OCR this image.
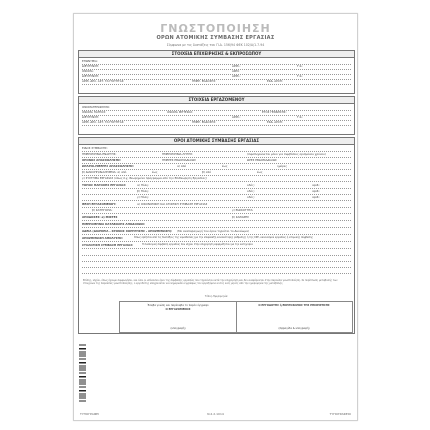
ΓΝΩΣΤΟΠΟΙΗΣΗ
ΟΡΩΝ ΑΤΟΜΙΚΗΣ ΣΥΜΒΑΣΗΣ ΕΡΓΑΣΙΑΣ
Σύμφωνα με τις διατάξεις του Π.Δ. 156/94 ΦΕΚ 102/Α/1.7.94
ΣΤΟΙΧΕΙΑ ΕΠΙΧΕΙΡΗΣΗΣ & ΕΚΠΡΟΣΩΠΟΥ
ΕΠΩΝΥΜΙΑ:
ΔΙΕΥΘΥΝΣΗ:	ΑΡΙΘ.:	Τ.Κ.:
ΟΝΟΜΑ:	ΑΦΜ:
ΔΙΕΥΘΥΝΣΗ:	ΑΡΙΘ.:	Τ.Κ.:
ΑΡΙΘ. ΔΕΛ. ΑΣΤ. ΤΑΥΤΟΤΗΤΑΣ:	ΗΜΕΡ. ΕΚΔΟΣΗΣ:	ΕΚΔ. ΑΡΧΗ:
ΣΤΟΙΧΕΙΑ ΕΡΓΑΖΟΜΕΝΟΥ
ΟΝΟΜΑΤΕΠΩΝΥΜΟ:
ΟΝΟΜΑ ΠΑΤΡΟΣ:	ΟΝΟΜΑ ΜΗΤΕΡΑΣ:	ΕΤΟΣ ΓΕΝΝΗΣΗΣ:
ΔΙΕΥΘΥΝΣΗ:	ΑΡΙΘ.:	Τ.Κ.:
ΑΡΙΘ. ΔΕΛ. ΑΣΤ. ΤΑΥΤΟΤΗΤΑΣ:	ΗΜΕΡ. ΕΚΔΟΣΗΣ:	ΕΚΔ. ΑΡΧΗ:
ΟΡΟΙ ΑΤΟΜΙΚΗΣ ΣΥΜΒΑΣΗΣ ΕΡΓΑΣΙΑΣ
ΕΙΔΟΣ ΣΥΜΒΑΣΗΣ:
ΗΜΕΡΟΜΗΝΙΑ ΕΝΑΡΞΗΣ:	ΗΜΕΡΟΜΗΝΙΑ ΛΗΞΗΣ:	(συμπληρώνεται μόνο για συμβάσεις ορισμένου χρόνου)
ΧΡΟΝΟΣ ΑΠΑΣΧΟΛΗΣΗΣ:	ΗΜΕΡΕΣ ΕΒΔΟΜΑΔΙΑΙΩΣ	ΩΡΕΣ ΕΒΔΟΜΑΔΙΑΙΩΣ
ΩΡΑΡΙΟ-ΗΜΕΡΕΣ ΑΠΑΣΧΟΛΗΣΗΣ:	α) Από	έως	ημέρες
β) ΔΙΑΚΟΠΗ/ΔΙΑΛΕΙΜΜΑ: α) από	έως	β) από	έως
γ) ΣΥΣΤΗΜΑ ΕΡΓΑΣΙΑΣ (όπως π.χ. θεωρημένο πρόγραμμα από την Επιθεώρηση Εργασίας)
ΤΟΠΟΣ ΠΑΡΟΧΗΣ ΕΡΓΑΣΙΑΣ:	α) Πόλη:	οδός:	αριθ.:
β) Πόλη:	οδός:	αριθ.:
γ) Πόλη:	οδός:	αριθ.:
ΘΕΣΗ ΕΡΓΑΖΟΜΕΝΟΥ:	α) ΟΙΚΟΝΟΜΙΚΗ ΚΑΙ ΑΤΟΜΙΚΗ ΣΥΜΒΑΣΗ ΕΡΓΑΣΙΑΣ
β) ΚΑΤΗΓΟΡΙΑ:	γ) ΕΙΔΙΚΟΤΗΤΑ:
ΑΠΟΔΟΧΕΣ: α) ΜΙΚΤΕΣ	β) ΚΑΘΑΡΕΣ
ΗΜΕΡΟΜΗΝΙΑ ΚΑΤΑΒΟΛΗΣ ΑΠΟΔΟΧΩΝ:
ΑΔΕΙΑ (ΔΙΑΡΚΕΙΑ - ΧΡΟΝΟΣ ΧΟΡΗΓΗΣΗΣ - ΑΠΟΖΗΜΙΩΣΗ): (Με αναπαραγωγή του όρου τηρείται το Δικαίωμα)
ΑΠΟΖΗΜΙΩΣΗ ΑΠΟΛΥΣΗΣ:	Όπως ορίζεται από τις διατάξεις της νομοθεσίας (με την επιφύλαξη ευνοϊκότερης ρύθμισης) ή της ΣΣΕ, κανονισμού εργασίας ή ατομικής σύμβασης
ΣΥΛΛΟΓΙΚΗ ΣΥΜΒΑΣΗ ΕΡΓΑΣΙΑΣ:	Η συλλογική σύμβαση εργασίας που ισχύει στην επιχείρηση εφαρμόζεται για την κατηγορία
Επίσης, ισχύει, όπως έχουμε συμφωνήσει, και όλοι οι υπόλοιποι όροι της σύμβασης εργασίας που τηρούνται κατά την επιχείρηση και δεν αναφέρονται στην παρούσα γνωστοποίηση. Σε περίπτωση μεταβολής των στοιχείων της παρούσας γνωστοποίησης, ο εργοδότης υποχρεούται να ενημερώσει εγγράφως τον εργαζόμενο εντός ενός μηνός από την ημερομηνία της μεταβολής.
Τόπος-Ημερομηνία:
Έλαβα γνώση και παρέλαβα το παρόν έγγραφο
Ο ΕΡΓΑΖΟΜΕΝΟΣ
(υπογραφή)
Ο ΕΡΓΟΔΟΤΗΣ ή ΕΚΠΡΟΣΩΠΟΣ ΤΗΣ ΕΠΙΧΕΙΡΗΣΗΣ
(σφραγίδα & υπογραφή)
ΤΥΠΟΓΡΑΦΕΙ	Ν.2.2.1014	ΤΥΠΟΓΡΑΦΕΙΟ
